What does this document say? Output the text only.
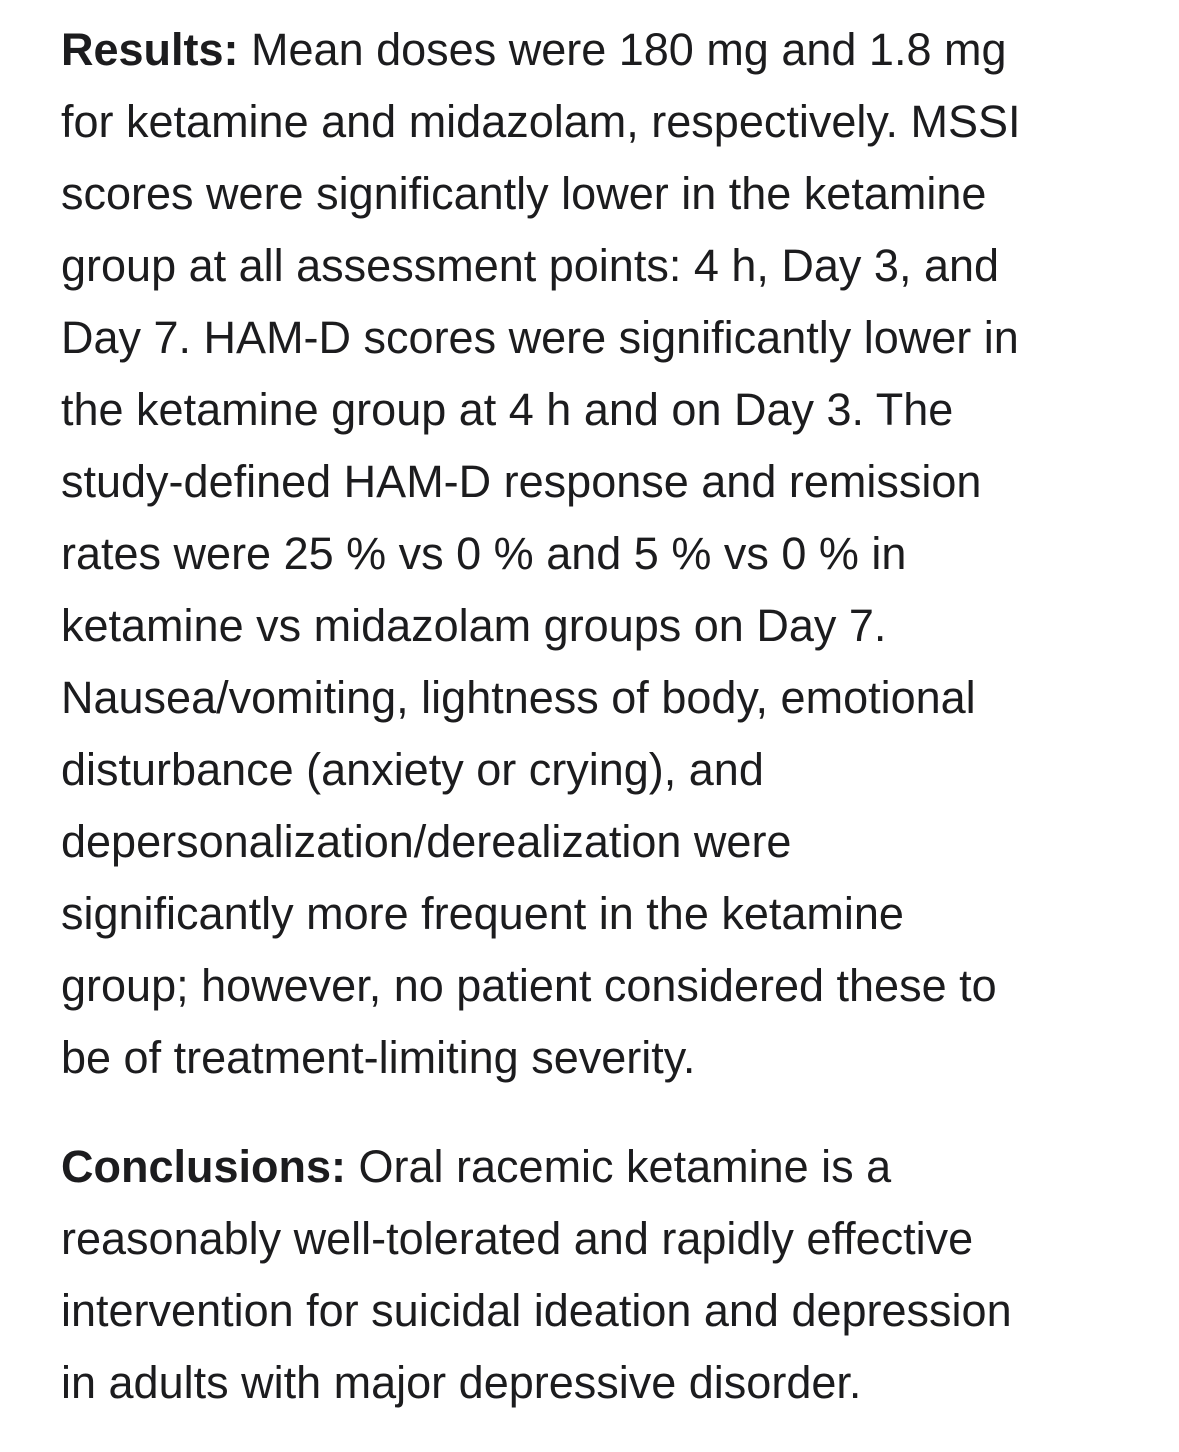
Results: Mean doses were 180 mg and 1.8 mg
for ketamine and midazolam, respectively. MSSI
scores were significantly lower in the ketamine
group at all assessment points: 4 h, Day 3, and
Day 7. HAM-D scores were significantly lower in
the ketamine group at 4 h and on Day 3. The
study-defined HAM-D response and remission
rates were 25 % vs 0 % and 5 % vs 0 % in
ketamine vs midazolam groups on Day 7.
Nausea/vomiting, lightness of body, emotional
disturbance (anxiety or crying), and
depersonalization/derealization were
significantly more frequent in the ketamine
group; however, no patient considered these to
be of treatment-limiting severity.

Conclusions: Oral racemic ketamine is a
reasonably well-tolerated and rapidly effective
intervention for suicidal ideation and depression
in adults with major depressive disorder.
